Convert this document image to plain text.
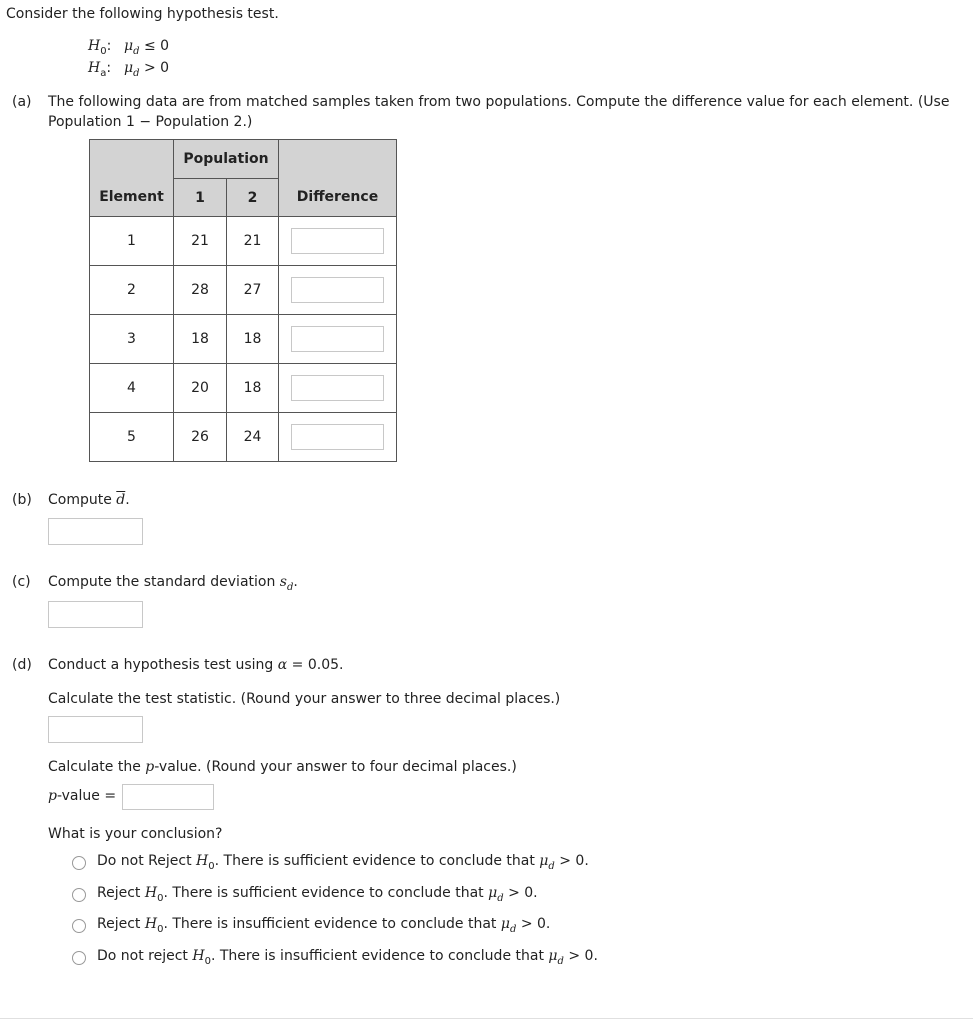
Consider the following hypothesis test.
$H_0$: $\mu_d \le 0$
$H_a$: $\mu_d > 0$
(a) The following data are from matched samples taken from two populations. Compute the difference value for each element. (Use
Population 1 − Population 2.)
	Population		
Element	1	2	Difference
1	21	21	

2	28	27	

3	18	18	

4	20	18	

5	26	24	
(b) Compute $\overline{d}$.
(c) Compute the standard deviation $s_d$.
(d) Conduct a hypothesis test using α = 0.05.
Calculate the test statistic. (Round your answer to three decimal places.)
Calculate the p-value. (Round your answer to four decimal places.)
p-value =
What is your conclusion?
Do not Reject $H_0$. There is sufficient evidence to conclude that $\mu_d > 0$.
Reject $H_0$. There is sufficient evidence to conclude that $\mu_d > 0$.
Reject $H_0$. There is insufficient evidence to conclude that $\mu_d > 0$.
Do not reject $H_0$. There is insufficient evidence to conclude that $\mu_d > 0$.
